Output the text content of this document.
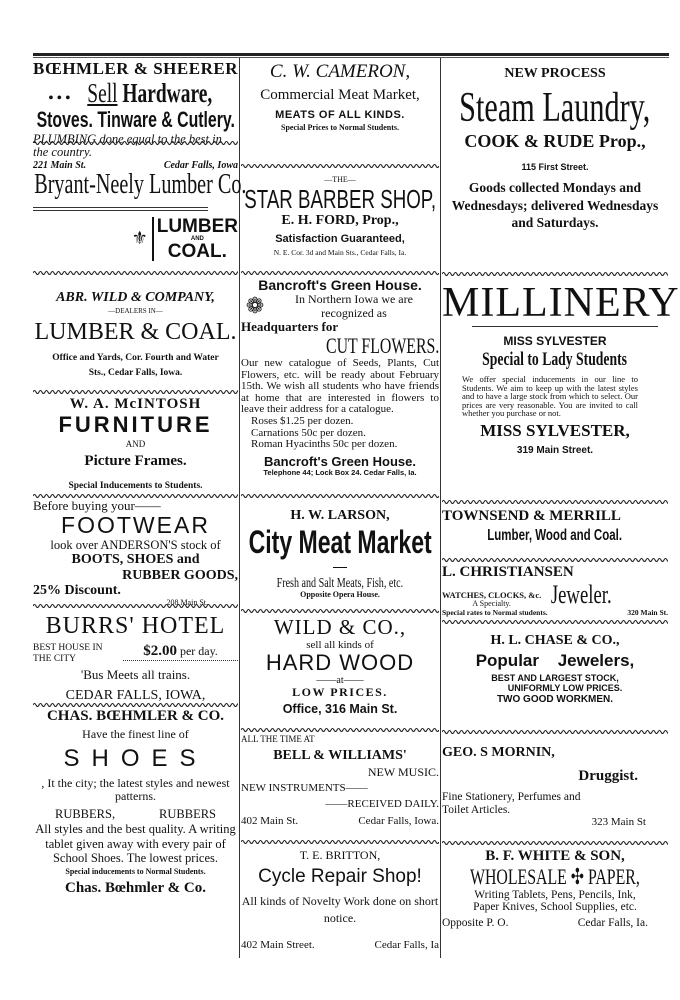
BŒHMLER & SHEERER

• • • Sell Hardware,

Stoves. Tinware & Cutlery.

PLUMBING done equal to the best in the country.

221 Main St.	Cedar Falls, Iowa

Bryant-Neely Lumber Co.

⚜

LUMBER

AND

COAL.

ABR. WILD & COMPANY,

—DEALERS IN—

LUMBER & COAL.

Office and Yards, Cor. Fourth and Water Sts., Cedar Falls, Iowa.

W. A. McINTOSH

FURNITURE

AND

Picture Frames.

Special Inducements to Students.

Before buying your——

FOOTWEAR

look over ANDERSON'S stock of

BOOTS, SHOES and

RUBBER GOODS,

25% Discount.

208 Main St.

BURRS' HOTEL

BEST HOUSE IN THE CITY	$2.00 per day.

'Bus Meets all trains.

CEDAR FALLS, IOWA,

CHAS. BŒHMLER & CO.

Have the finest line of

SHOES

, It the city; the latest styles and newest patterns.

RUBBERS,	RUBBERS

All styles and the best quality. A writing tablet given away with every pair of School Shoes. The lowest prices.

Special inducements to Normal Students.

Chas. Bœhmler & Co.

C. W. CAMERON,

Commercial Meat Market,

MEATS OF ALL KINDS.

Special Prices to Normal Students.

—THE—

STAR BARBER SHOP,

E. H. FORD, Prop.,

Satisfaction Guaranteed,

N. E. Cor. 3d and Main Sts., Cedar Falls, Ia.

Bancroft's Green House.

❁	In Northern Iowa we are recognized as

Headquarters for

CUT FLOWERS.

Our new catalogue of Seeds, Plants, Cut Flowers, etc. will be ready about February 15th. We wish all students who have friends at home that are interested in flowers to leave their address for a catalogue.

Roses $1.25 per dozen.

Carnations 50c per dozen.

Roman Hyacinths 50c per dozen.

Bancroft's Green House.

Telephone 44; Lock Box 24. Cedar Falls, Ia.

H. W. LARSON,

City Meat Market

Fresh and Salt Meats, Fish, etc.

Opposite Opera House.

WILD & CO.,

sell all kinds of

HARD WOOD

——at——

LOW PRICES.

Office, 316 Main St.

ALL THE TIME AT

BELL & WILLIAMS'

NEW MUSIC.

NEW INSTRUMENTS——

——RECEIVED DAILY.

402 Main St.	Cedar Falls, Iowa.

T. E. BRITTON,

Cycle Repair Shop!

All kinds of Novelty Work done on short notice.

402 Main Street.	Cedar Falls, Ia

NEW PROCESS

Steam Laundry,

COOK & RUDE Prop.,

115 First Street.

Goods collected Mondays and Wednesdays; delivered Wednesdays and Saturdays.

MILLINERY

MISS SYLVESTER

Special to Lady Students

We offer special inducements in our line to Students. We aim to keep up with the latest styles and to have a large stock from which to select. Our prices are very reasonable. You are invited to call whether you purchase or not.

MISS SYLVESTER,

319 Main Street.

TOWNSEND & MERRILL

Lumber, Wood and Coal.

L. CHRISTIANSEN

WATCHES, CLOCKS, &c.

A Specialty.	Jeweler.

Special rates to Normal students.	320 Main St.

H. L. CHASE & CO.,

Popular Jewelers,

BEST AND LARGEST STOCK,

UNIFORMLY LOW PRICES.

TWO GOOD WORKMEN.

GEO. S MORNIN,

Druggist.

Fine Stationery, Perfumes and Toilet Articles.

323 Main St

B. F. WHITE & SON,

WHOLESALE ✣ PAPER,

Writing Tablets, Pens, Pencils, Ink, Paper Knives, School Supplies, etc.

Opposite P. O.	Cedar Falls, Ia.
